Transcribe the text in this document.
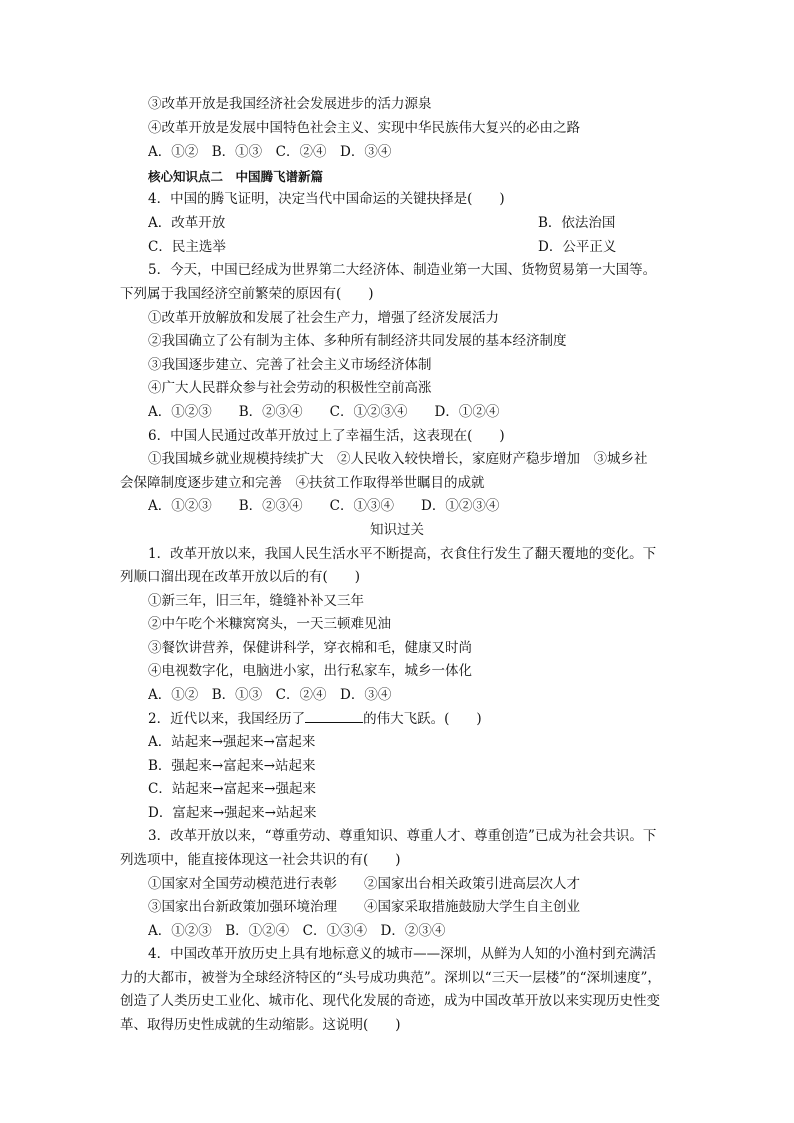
③改革开放是我国经济社会发展进步的活力源泉
④改革开放是发展中国特色社会主义、实现中华民族伟大复兴的必由之路
A．①②　B．①③　C．②④　D．③④
核心知识点二　中国腾飞谱新篇
4．中国的腾飞证明，决定当代中国命运的关键抉择是(　　)
A．改革开放	B．依法治国
C．民主选举	D．公平正义
5．今天，中国已经成为世界第二大经济体、制造业第一大国、货物贸易第一大国等。
下列属于我国经济空前繁荣的原因有(　　)
①改革开放解放和发展了社会生产力，增强了经济发展活力
②我国确立了公有制为主体、多种所有制经济共同发展的基本经济制度
③我国逐步建立、完善了社会主义市场经济体制
④广大人民群众参与社会劳动的积极性空前高涨
A．①②③　　B．②③④　　C．①②③④　　D．①②④
6．中国人民通过改革开放过上了幸福生活，这表现在(　　)
①我国城乡就业规模持续扩大　②人民收入较快增长，家庭财产稳步增加　③城乡社
会保障制度逐步建立和完善　④扶贫工作取得举世瞩目的成就
A．①②③　　B．②③④　　C．①③④　　D．①②③④
知识过关
1．改革开放以来，我国人民生活水平不断提高，衣食住行发生了翻天覆地的变化。下
列顺口溜出现在改革开放以后的有(　　)
①新三年，旧三年，缝缝补补又三年
②中午吃个米糠窝窝头，一天三顿难见油
③餐饮讲营养，保健讲科学，穿衣棉和毛，健康又时尚
④电视数字化，电脑进小家，出行私家车，城乡一体化
A．①②　B．①③　C．②④　D．③④
2．近代以来，我国经历了	的伟大飞跃。(　　)
A．站起来→强起来→富起来
B．强起来→富起来→站起来
C．站起来→富起来→强起来
D．富起来→强起来→站起来
3．改革开放以来，“尊重劳动、尊重知识、尊重人才、尊重创造”已成为社会共识。下
列选项中，能直接体现这一社会共识的有(　　)
①国家对全国劳动模范进行表彰　　②国家出台相关政策引进高层次人才
③国家出台新政策加强环境治理　　④国家采取措施鼓励大学生自主创业
A．①②③　B．①②④　C．①③④　D．②③④
4．中国改革开放历史上具有地标意义的城市——深圳，从鲜为人知的小渔村到充满活
力的大都市，被誉为全球经济特区的“头号成功典范”。深圳以“三天一层楼”的“深圳速度”，
创造了人类历史工业化、城市化、现代化发展的奇迹，成为中国改革开放以来实现历史性变
革、取得历史性成就的生动缩影。这说明(　　)
